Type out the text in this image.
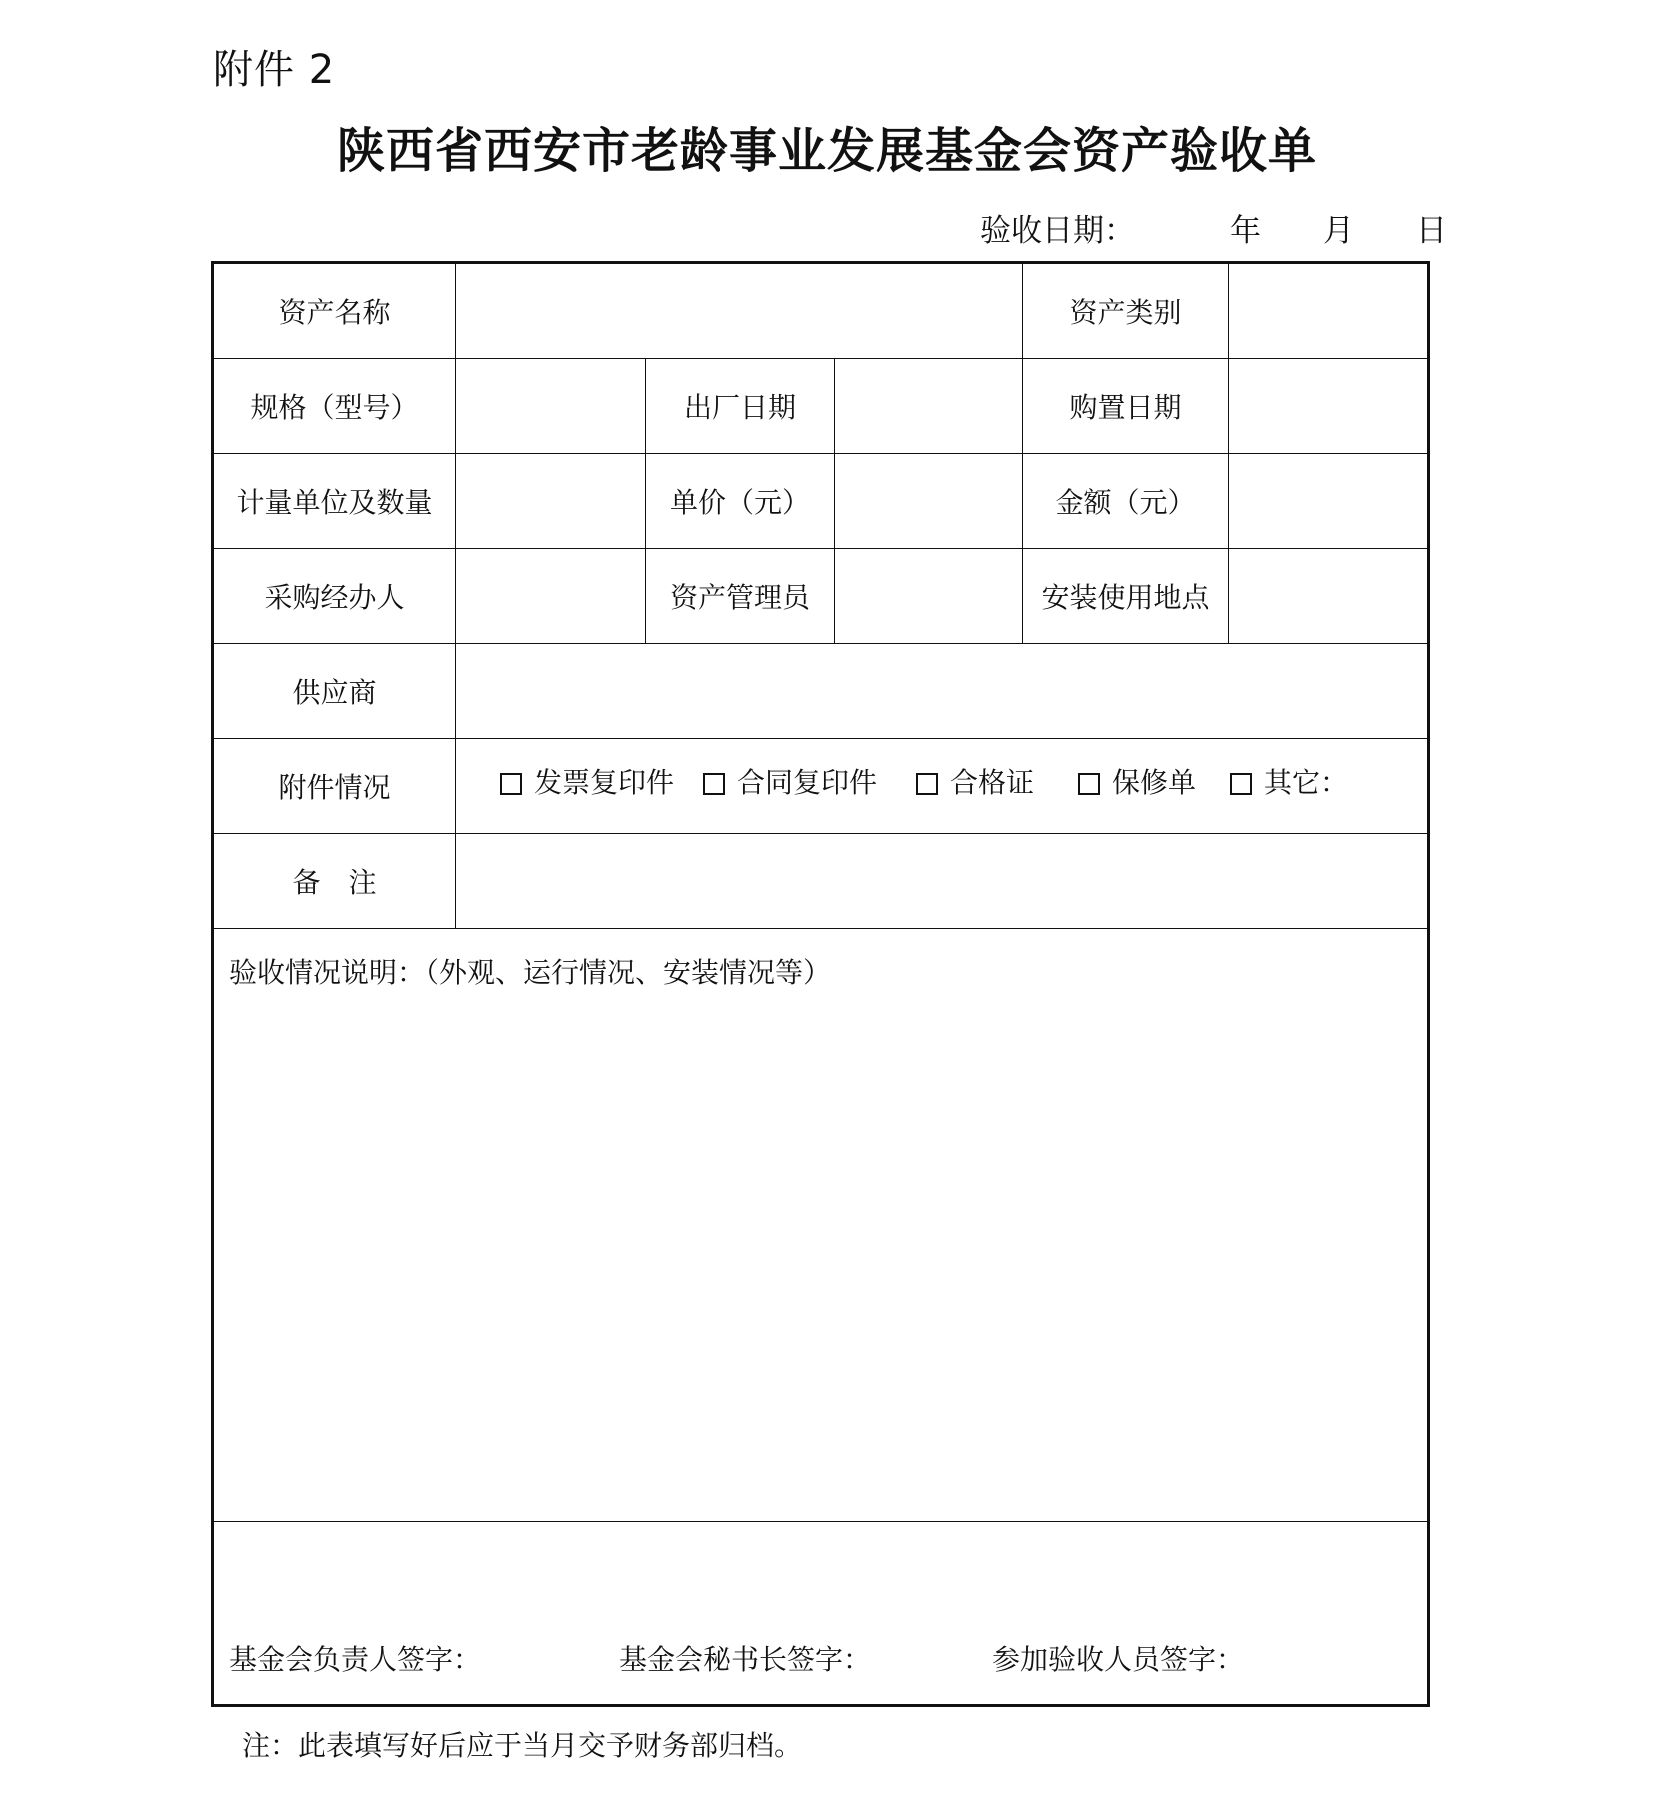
附件 2
陕西省西安市老龄事业发展基金会资产验收单
验收日期：	年 月 日
资产名称				资产类别	
规格（型号）		出厂日期		购置日期	
计量单位及数量		单价（元）		金额（元）	
采购经办人		资产管理员		安装使用地点	
供应商					
附件情况	发票复印件 合同复印件 合格证 保修单 其它：				

备　注					

验收情况说明：（外观、运行情况、安装情况等）					

基金会负责人签字： 基金会秘书长签字： 参加验收人员签字：					
注：此表填写好后应于当月交予财务部归档。
